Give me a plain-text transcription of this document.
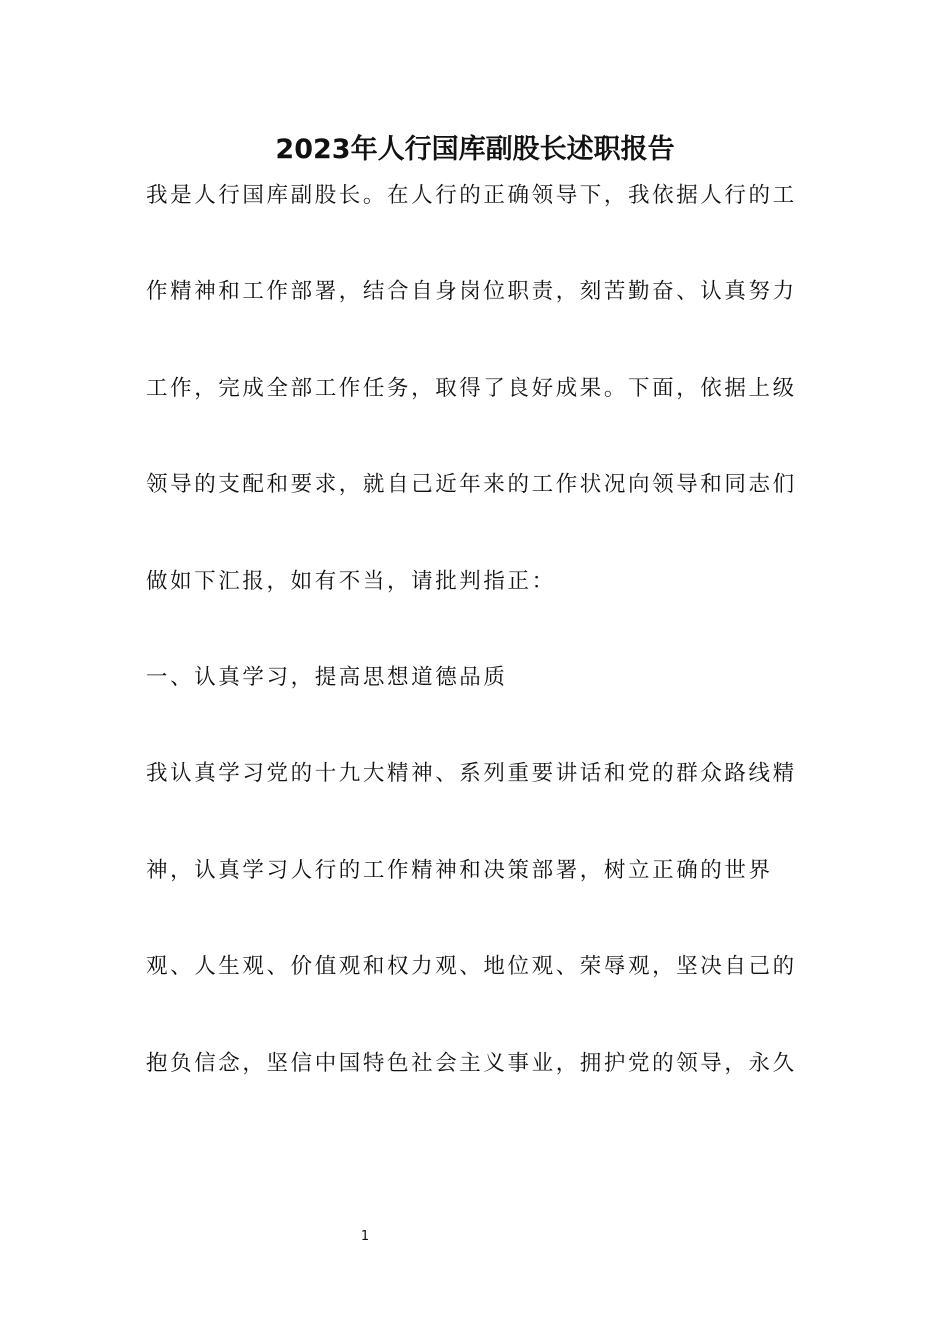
2023年人行国库副股长述职报告
我是人行国库副股长。在人行的正确领导下，我依据人行的工
作精神和工作部署，结合自身岗位职责，刻苦勤奋、认真努力
工作，完成全部工作任务，取得了良好成果。下面，依据上级
领导的支配和要求，就自己近年来的工作状况向领导和同志们
做如下汇报，如有不当，请批判指正：
一、认真学习，提高思想道德品质
我认真学习党的十九大精神、系列重要讲话和党的群众路线精
神，认真学习人行的工作精神和决策部署，树立正确的世界
观、人生观、价值观和权力观、地位观、荣辱观，坚决自己的
抱负信念，坚信中国特色社会主义事业，拥护党的领导，永久
1
